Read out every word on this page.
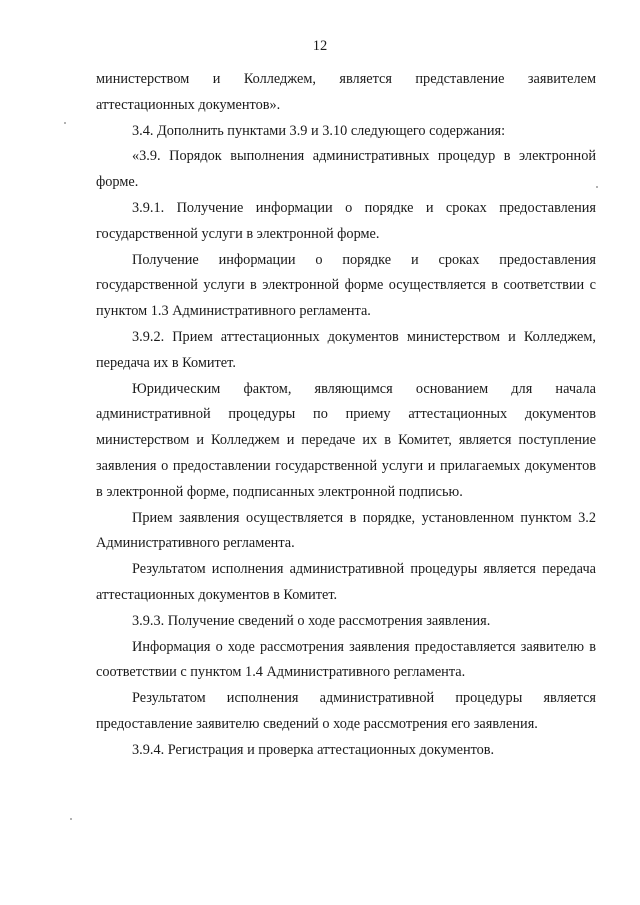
12

министерством и Колледжем, является представление заявителем аттестационных документов».

3.4. Дополнить пунктами 3.9 и 3.10 следующего содержания:

«3.9. Порядок выполнения административных процедур в электронной форме.

3.9.1. Получение информации о порядке и сроках предоставления государственной услуги в электронной форме.

Получение информации о порядке и сроках предоставления государственной услуги в электронной форме осуществляется в соответствии с пунктом 1.3 Административного регламента.

3.9.2. Прием аттестационных документов министерством и Колледжем, передача их в Комитет.

Юридическим фактом, являющимся основанием для начала административной процедуры по приему аттестационных документов министерством и Колледжем и передаче их в Комитет, является поступление заявления о предоставлении государственной услуги и прилагаемых документов в электронной форме, подписанных электронной подписью.

Прием заявления осуществляется в порядке, установленном пунктом 3.2 Административного регламента.

Результатом исполнения административной процедуры является передача аттестационных документов в Комитет.

3.9.3. Получение сведений о ходе рассмотрения заявления.

Информация о ходе рассмотрения заявления предоставляется заявителю в соответствии с пунктом 1.4 Административного регламента.

Результатом исполнения административной процедуры является предоставление заявителю сведений о ходе рассмотрения его заявления.

3.9.4. Регистрация и проверка аттестационных документов.
